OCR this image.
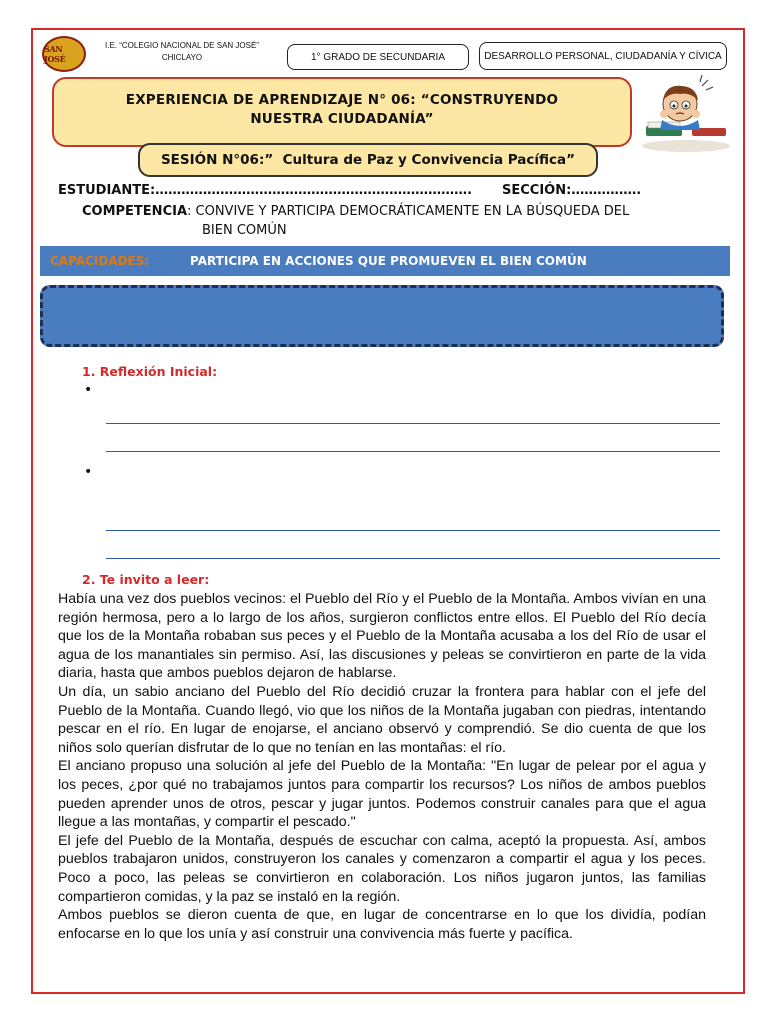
SAN JOSÉ
I.E. “COLEGIO NACIONAL DE SAN JOSÉ”
CHICLAYO	1° GRADO DE SECUNDARIA	DESARROLLO PERSONAL, CIUDADANÍA Y CÍVICA
EXPERIENCIA DE APRENDIZAJE N° 06: “CONSTRUYENDO
NUESTRA CIUDADANÍA”
SESIÓN N°06:”
Cultura de Paz y Convivencia Pacífica”
ESTUDIANTE:………………………………………………………………. SECCIÓN:…………….
COMPETENCIA: CONVIVE Y PARTICIPA DEMOCRÁTICAMENTE EN LA BÚSQUEDA DEL
BIEN COMÚN
CAPACIDADES:	PARTICIPA EN ACCIONES QUE PROMUEVEN EL BIEN COMÚN
1. Reflexión Inicial:
•
•
2. Te invito a leer:

Había una vez dos pueblos vecinos: el Pueblo del Río y el Pueblo de la Montaña. Ambos vivían en una región hermosa, pero a lo largo de los años, surgieron conflictos entre ellos. El Pueblo del Río decía que los de la Montaña robaban sus peces y el Pueblo de la Montaña acusaba a los del Río de usar el agua de los manantiales sin permiso. Así, las discusiones y peleas se convirtieron en parte de la vida diaria, hasta que ambos pueblos dejaron de hablarse.

Un día, un sabio anciano del Pueblo del Río decidió cruzar la frontera para hablar con el jefe del Pueblo de la Montaña. Cuando llegó, vio que los niños de la Montaña jugaban con piedras, intentando pescar en el río. En lugar de enojarse, el anciano observó y comprendió. Se dio cuenta de que los niños solo querían disfrutar de lo que no tenían en las montañas: el río.

El anciano propuso una solución al jefe del Pueblo de la Montaña: "En lugar de pelear por el agua y los peces, ¿por qué no trabajamos juntos para compartir los recursos? Los niños de ambos pueblos pueden aprender unos de otros, pescar y jugar juntos. Podemos construir canales para que el agua llegue a las montañas, y compartir el pescado."

El jefe del Pueblo de la Montaña, después de escuchar con calma, aceptó la propuesta. Así, ambos pueblos trabajaron unidos, construyeron los canales y comenzaron a compartir el agua y los peces. Poco a poco, las peleas se convirtieron en colaboración. Los niños jugaron juntos, las familias compartieron comidas, y la paz se instaló en la región.

Ambos pueblos se dieron cuenta de que, en lugar de concentrarse en lo que los dividía, podían enfocarse en lo que los unía y así construir una convivencia más fuerte y pacífica.
